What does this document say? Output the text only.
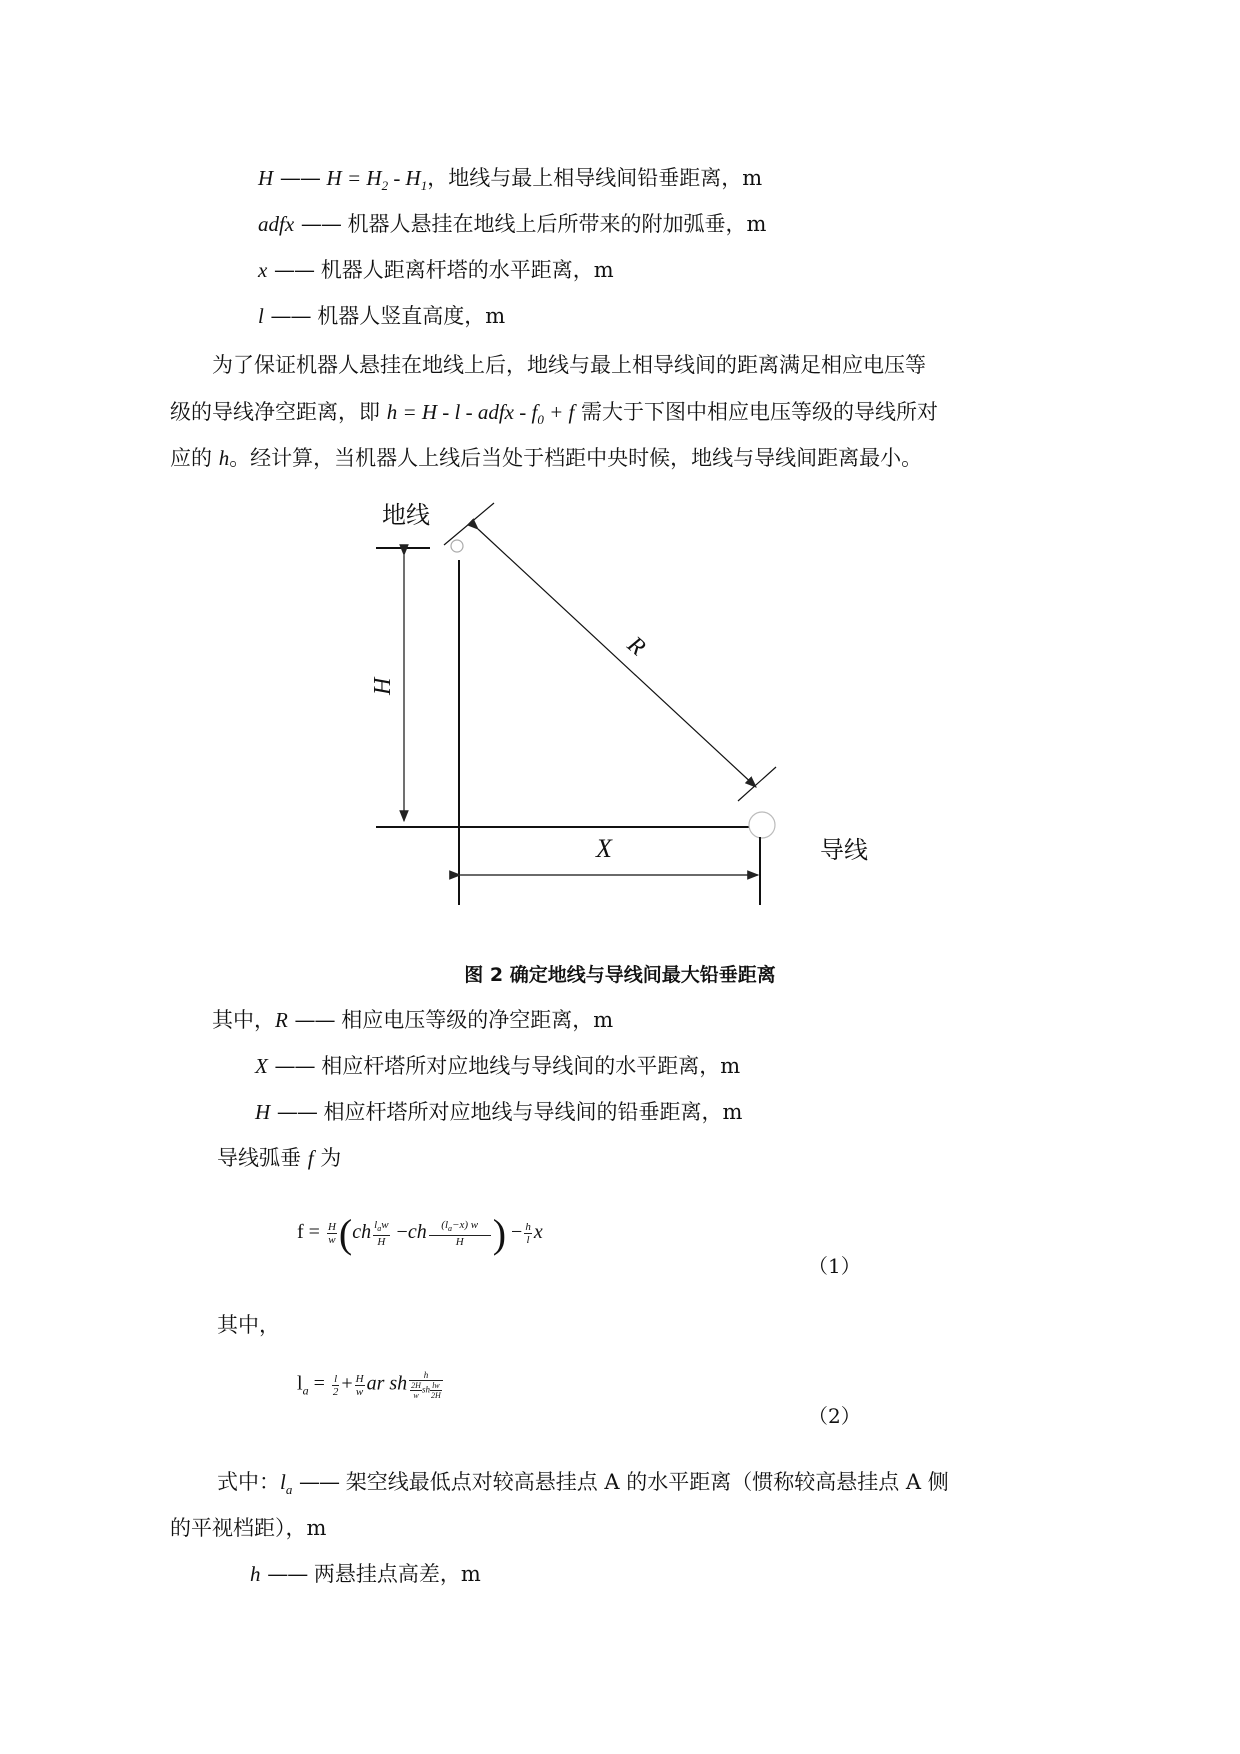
H —— $H = H_2 - H_1$，地线与最上相导线间铅垂距离，m
adfx —— 机器人悬挂在地线上后所带来的附加弧垂，m
x —— 机器人距离杆塔的水平距离，m
l —— 机器人竖直高度，m
为了保证机器人悬挂在地线上后，地线与最上相导线间的距离满足相应电压等
级的导线净空距离，即 h = H - l - adfx - $f_0 + f$ 需大于下图中相应电压等级的导线所对
应的 h。经计算，当机器人上线后当处于档距中央时候，地线与导线间距离最小。
地线
H
X
R
导线
图 2 确定地线与导线间最大铅垂距离
其中，R —— 相应电压等级的净空距离，m
X —— 相应杆塔所对应地线与导线间的水平距离，m
H —— 相应杆塔所对应地线与导线间的铅垂距离，m
导线弧垂 f 为
$f = \frac{H}{w} (ch \frac{l_aw}{H} -ch \frac{(l_a-x) w}{H}$ ) − $\frac{h}{l}$ x
（1）
其中，
$l_a = \frac{l}{2} + \frac{H}{w}$ ar sh $\frac{h}{\frac{2H}{w} sh \frac{lw}{2H}}$
（2）
式中：$l_a$ —— 架空线最低点对较高悬挂点 A 的水平距离（惯称较高悬挂点 A 侧
的平视档距），m
h —— 两悬挂点高差，m
